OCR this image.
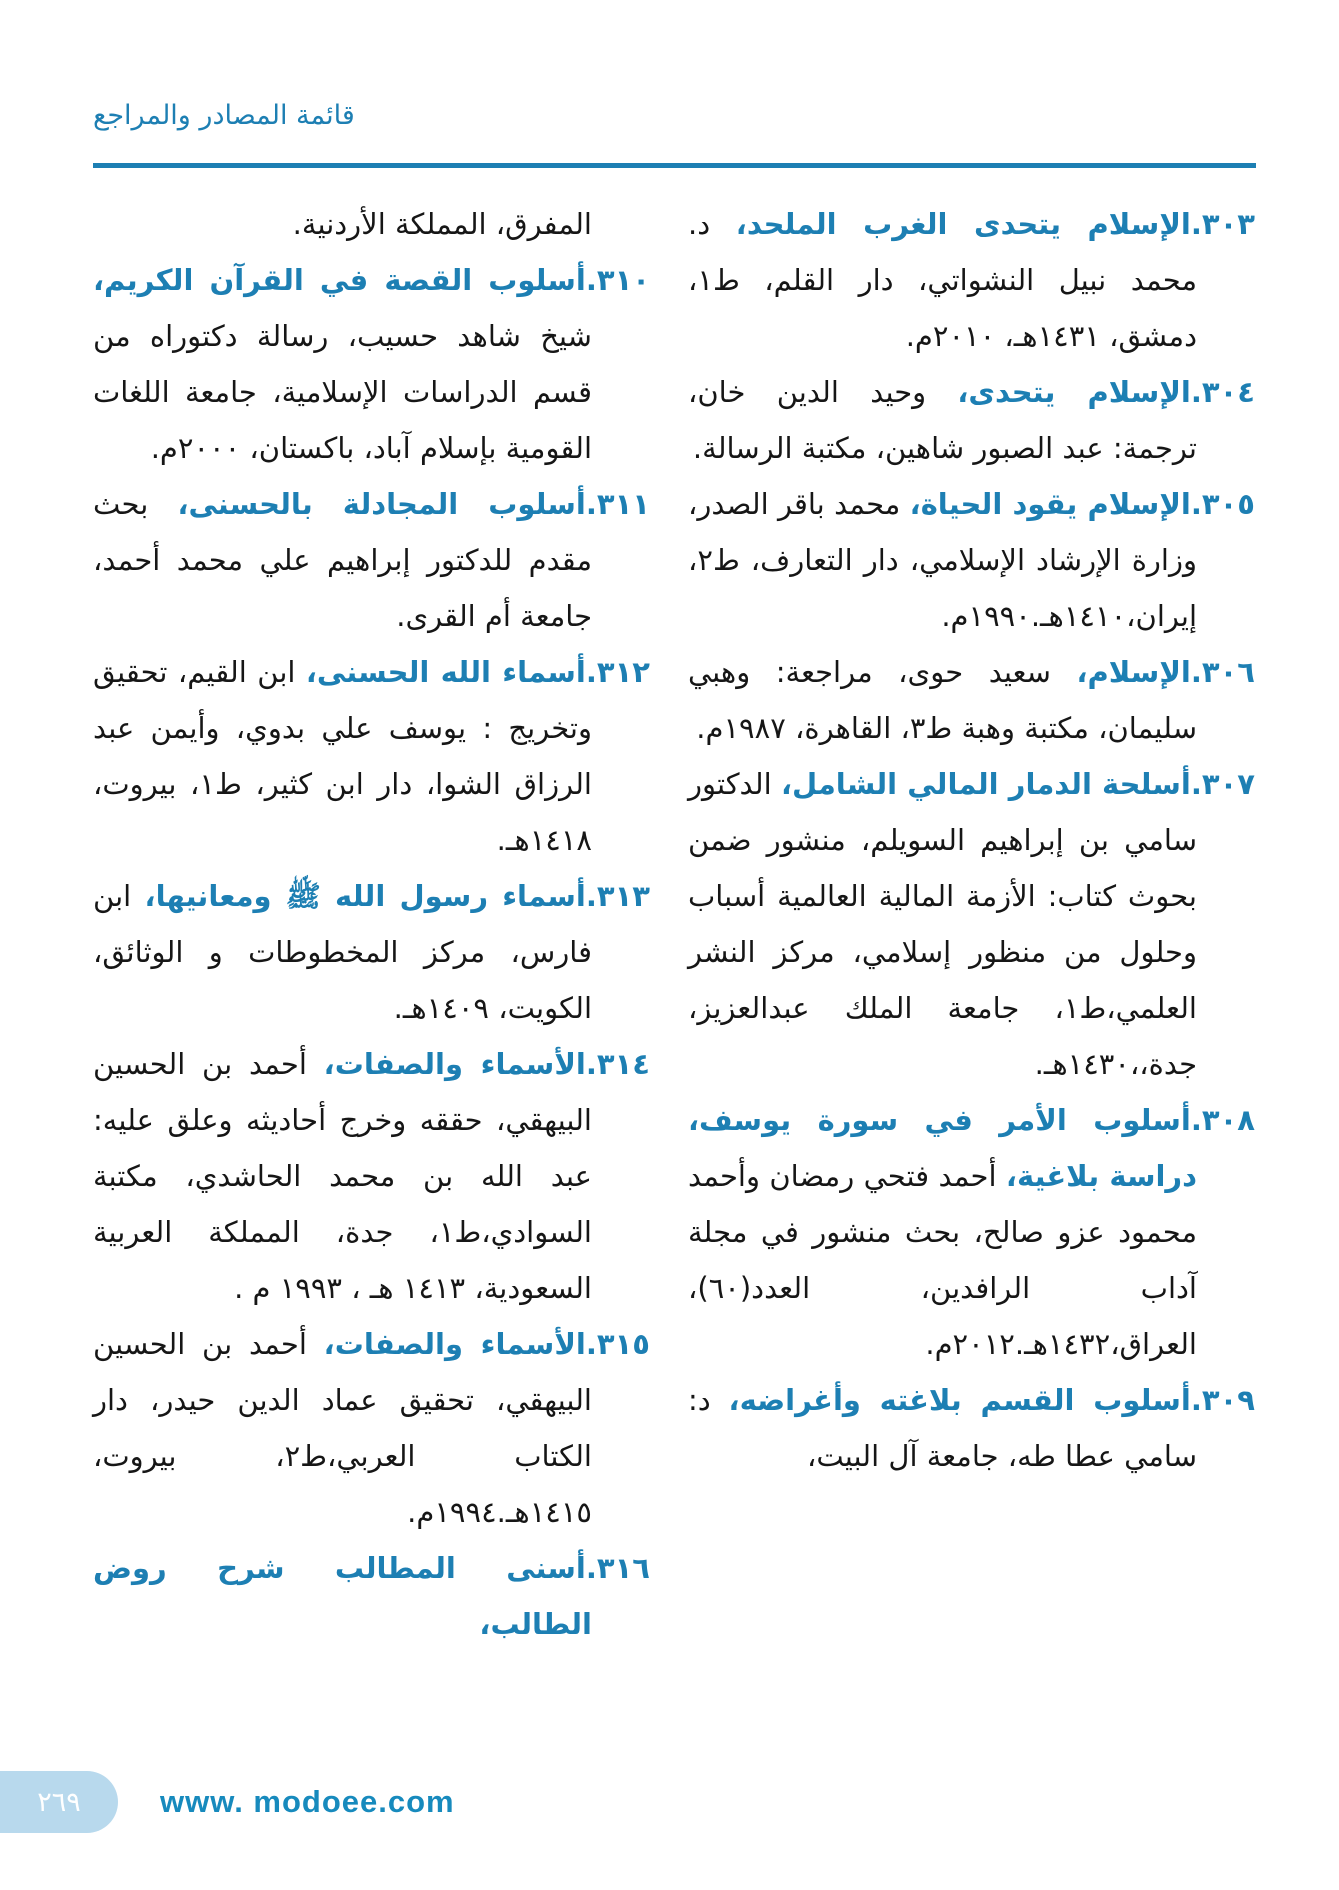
قائمة المصادر والمراجع
٣٠٣.الإسلام يتحدى الغرب الملحد، د. محمد نبيل النشواتي، دار القلم، ط١، دمشق، ١٤٣١هـ، ٢٠١٠م.
٣٠٤.الإسلام يتحدى، وحيد الدين خان، ترجمة: عبد الصبور شاهين، مكتبة الرسالة.
٣٠٥.الإسلام يقود الحياة، محمد باقر الصدر، وزارة الإرشاد الإسلامي، دار التعارف، ط٢، إيران،١٤١٠هـ.١٩٩٠م.
٣٠٦.الإسلام، سعيد حوى، مراجعة: وهبي سليمان، مكتبة وهبة ط٣، القاهرة، ١٩٨٧م.
٣٠٧.أسلحة الدمار المالي الشامل، الدكتور سامي بن إبراهيم السويلم، منشور ضمن بحوث كتاب: الأزمة المالية العالمية أسباب وحلول من منظور إسلامي، مركز النشر العلمي،ط١، جامعة الملك عبدالعزيز، جدة،،١٤٣٠هـ.
٣٠٨.أسلوب الأمر في سورة يوسف، دراسة بلاغية، أحمد فتحي رمضان وأحمد محمود عزو صالح، بحث منشور في مجلة آداب الرافدين، العدد(٦٠)، العراق،١٤٣٢هـ.٢٠١٢م.
٣٠٩.أسلوب القسم بلاغته وأغراضه، د: سامي عطا طه، جامعة آل البيت،
المفرق، المملكة الأردنية.
٣١٠.أسلوب القصة في القرآن الكريم، شيخ شاهد حسيب، رسالة دكتوراه من قسم الدراسات الإسلامية، جامعة اللغات القومية بإسلام آباد، باكستان، ٢٠٠٠م.
٣١١.أسلوب المجادلة بالحسنى، بحث مقدم للدكتور إبراهيم علي محمد أحمد، جامعة أم القرى.
٣١٢.أسماء الله الحسنى، ابن القيم، تحقيق وتخريج : يوسف علي بدوي، وأيمن عبد الرزاق الشوا، دار ابن كثير، ط١، بيروت، ١٤١٨هـ.
٣١٣.أسماء رسول الله ﷺ ومعانيها، ابن فارس، مركز المخطوطات و الوثائق، الكويت، ١٤٠٩هـ.
٣١٤.الأسماء والصفات، أحمد بن الحسين البيهقي، حققه وخرج أحاديثه وعلق عليه: عبد الله بن محمد الحاشدي، مكتبة السوادي،ط١، جدة، المملكة العربية السعودية، ١٤١٣ هـ ، ١٩٩٣ م .
٣١٥.الأسماء والصفات، أحمد بن الحسين البيهقي، تحقيق عماد الدين حيدر، دار الكتاب العربي،ط٢، بيروت، ١٤١٥هـ.١٩٩٤م.
٣١٦.أسنى المطالب شرح روض الطالب،
٢٦٩	www. modoee.com
